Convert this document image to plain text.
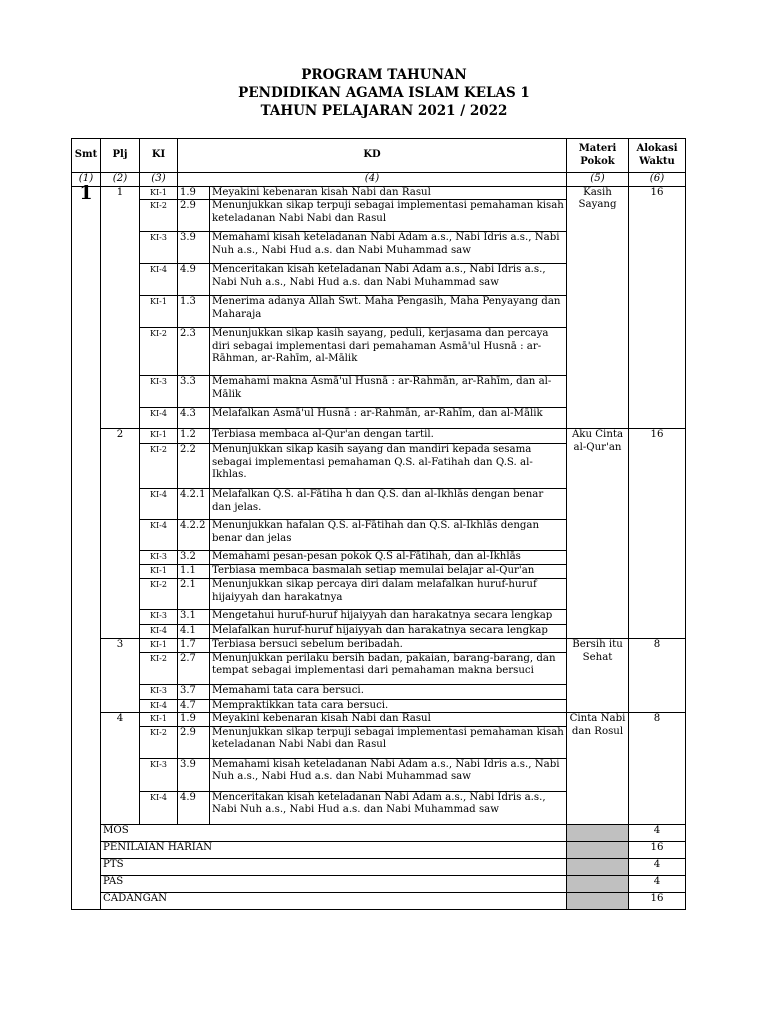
PROGRAM TAHUNAN
PENDIDIKAN AGAMA ISLAM KELAS 1
TAHUN PELAJARAN 2021 / 2022
Smt	Plj	KI	KD		Materi Pokok	Alokasi Waktu
(1)	(2)	(3)	(4)		(5)	(6)
1	1	KI-1	1.9	Meyakini kebenaran kisah Nabi dan Rasul	Kasih Sayang	16
		KI-2	2.9	Menunjukkan sikap terpuji sebagai implementasi pemahaman kisah keteladanan Nabi Nabi dan Rasul		
		KI-3	3.9	Memahami kisah keteladanan Nabi Adam a.s., Nabi Idris a.s., Nabi Nuh a.s., Nabi Hud a.s. dan Nabi Muhammad saw		
		KI-4	4.9	Menceritakan kisah keteladanan Nabi Adam a.s., Nabi Idris a.s., Nabi Nuh a.s., Nabi Hud a.s. dan Nabi Muhammad saw		
		KI-1	1.3	Menerima adanya Allah Swt. Maha Pengasih, Maha Penyayang dan Maharaja		
		KI-2	2.3	Menunjukkan sikap kasih sayang, peduli, kerjasama dan percaya diri sebagai implementasi dari pemahaman Asmā'ul Husnā : ar-Rāhman, ar-Rahīm, al-Mālik		
		KI-3	3.3	Memahami makna Asmā'ul Husnā : ar-Rahmān, ar-Rahīm, dan al-Mālik		
		KI-4	4.3	Melafalkan Asmā'ul Husnā : ar-Rahmān, ar-Rahīm, dan al-Mālik		
	2	KI-1	1.2	Terbiasa membaca al-Qur'an dengan tartil.	Aku Cinta al-Qur'an	16
		KI-2	2.2	Menunjukkan sikap kasih sayang dan mandiri kepada sesama sebagai implementasi pemahaman Q.S. al-Fatihah dan Q.S. al-Ikhlas.		
		KI-4	4.2.1	Melafalkan Q.S. al-Fātiha h dan Q.S. dan al-Ikhlās dengan benar dan jelas.		
		KI-4	4.2.2	Menunjukkan hafalan Q.S. al-Fātihah dan Q.S. al-Ikhlās dengan benar dan jelas		
		KI-3	3.2	Memahami pesan-pesan pokok Q.S al-Fātihah, dan al-Ikhlās		
		KI-1	1.1	Terbiasa membaca basmalah setiap memulai belajar al-Qur'an		
		KI-2	2.1	Menunjukkan sikap percaya diri dalam melafalkan huruf-huruf hijaiyyah dan harakatnya		
		KI-3	3.1	Mengetahui huruf-huruf hijaiyyah dan harakatnya secara lengkap		
		KI-4	4.1	Melafalkan huruf-huruf hijaiyyah dan harakatnya secara lengkap		
	3	KI-1	1.7	Terbiasa bersuci sebelum beribadah.	Bersih itu Sehat	8
		KI-2	2.7	Menunjukkan perilaku bersih badan, pakaian, barang-barang, dan tempat sebagai implementasi dari pemahaman makna bersuci		
		KI-3	3.7	Memahami tata cara bersuci.		
		KI-4	4.7	Mempraktikkan tata cara bersuci.		
	4	KI-1	1.9	Meyakini kebenaran kisah Nabi dan Rasul	Cinta Nabi dan Rosul	8
		KI-2	2.9	Menunjukkan sikap terpuji sebagai implementasi pemahaman kisah keteladanan Nabi Nabi dan Rasul		
		KI-3	3.9	Memahami kisah keteladanan Nabi Adam a.s., Nabi Idris a.s., Nabi Nuh a.s., Nabi Hud a.s. dan Nabi Muhammad saw		
		KI-4	4.9	Menceritakan kisah keteladanan Nabi Adam a.s., Nabi Idris a.s., Nabi Nuh a.s., Nabi Hud a.s. dan Nabi Muhammad saw		
	MOS					4
	PENILAIAN HARIAN					16
	PTS					4
	PAS					4
	CADANGAN					16
